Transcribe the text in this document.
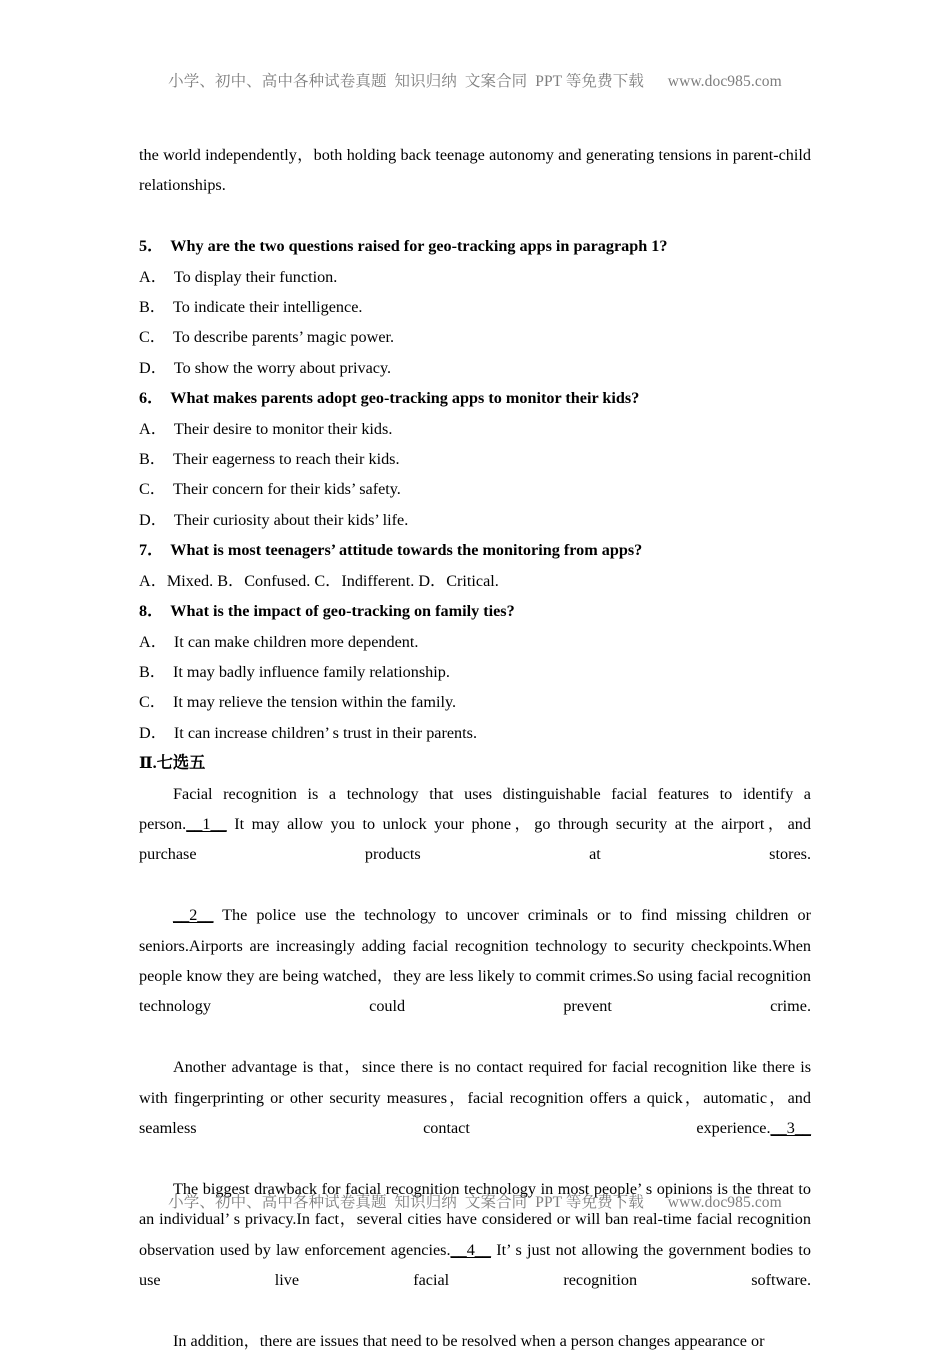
小学、初中、高中各种试卷真题  知识归纳  文案合同  PPT 等免费下载      www.doc985.com

the world independently，both holding back teenage autonomy and generating tensions in parent-child relationships.

5． Why are the two questions raised for geo-tracking apps in paragraph 1?

A． To display their function.

B． To indicate their intelligence.

C． To describe parents’ magic power.

D． To show the worry about privacy.

6． What makes parents adopt geo-tracking apps to monitor their kids?

A． Their desire to monitor their kids.

B． Their eagerness to reach their kids.

C． Their concern for their kids’ safety.

D． Their curiosity about their kids’ life.

7． What is most teenagers’ attitude towards the monitoring from apps?

A．Mixed. B．Confused. C．Indifferent. D．Critical.

8． What is the impact of geo-tracking on family ties?

A． It can make children more dependent.

B． It may badly influence family relationship.

C． It may relieve the tension within the family.

D． It can increase children’ s trust in their parents.

Ⅱ.七选五

Facial recognition is a technology that uses distinguishable facial features to identify a person.__1__ It may allow you to unlock your phone，go through security at the airport，and purchase products at stores.

__2__ The police use the technology to uncover criminals or to find missing children or seniors.Airports are increasingly adding facial recognition technology to security checkpoints.When people know they are being watched，they are less likely to commit crimes.So using facial recognition technology could prevent crime.

Another advantage is that，since there is no contact required for facial recognition like there is with fingerprinting or other security measures，facial recognition offers a quick，automatic，and seamless contact experience.__3__

The biggest drawback for facial recognition technology in most people’ s opinions is the threat to an individual’ s privacy.In fact，several cities have considered or will ban real-time facial recognition observation used by law enforcement agencies.__4__ It’ s just not allowing the government bodies to use live facial recognition software.

In addition，there are issues that need to be resolved when a person changes appearance or

小学、初中、高中各种试卷真题  知识归纳  文案合同  PPT 等免费下载      www.doc985.com
